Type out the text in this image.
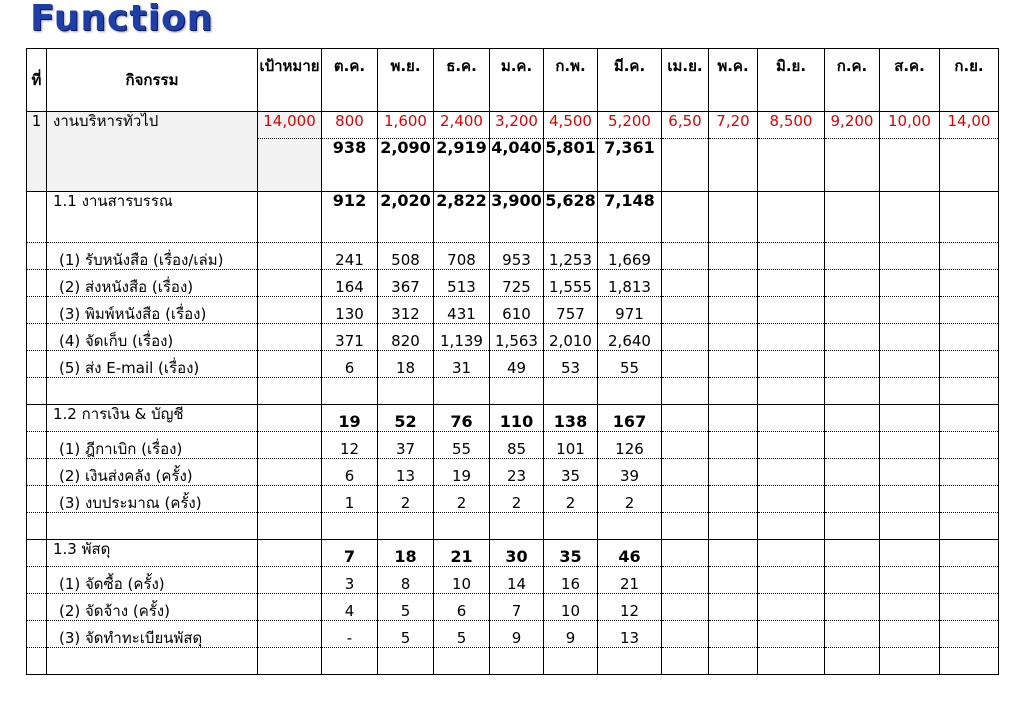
Function
ที่	กิจกรรม	เป้าหมาย	ต.ค.	พ.ย.	ธ.ค.	ม.ค.	ก.พ.	มี.ค.	เม.ย.	พ.ค.	มิ.ย.	ก.ค.	ส.ค.	ก.ย.
1	งานบริหารทั่วไป	14,000	800	1,600	2,400	3,200	4,500	5,200	6,50	7,20	8,500	9,200	10,00	14,00
			938	2,090	2,919	4,040	5,801	7,361						
	1.1 งานสารบรรณ		912	2,020	2,822	3,900	5,628	7,148						
	(1) รับหนังสือ (เรื่อง/เล่ม)		241	508	708	953	1,253	1,669						
	(2) ส่งหนังสือ (เรื่อง)		164	367	513	725	1,555	1,813						
	(3) พิมพ์หนังสือ (เรื่อง)		130	312	431	610	757	971						
	(4) จัดเก็บ (เรื่อง)		371	820	1,139	1,563	2,010	2,640						
	(5) ส่ง E-mail (เรื่อง)		6	18	31	49	53	55						

	1.2 การเงิน & บัญชี		19	52	76	110	138	167						
	(1) ฎีกาเบิก (เรื่อง)		12	37	55	85	101	126						
	(2) เงินส่งคลัง (ครั้ง)		6	13	19	23	35	39						
	(3) งบประมาณ (ครั้ง)		1	2	2	2	2	2						

	1.3 พัสดุ		7	18	21	30	35	46						
	(1) จัดซื้อ (ครั้ง)		3	8	10	14	16	21						
	(2) จัดจ้าง (ครั้ง)		4	5	6	7	10	12						
	(3) จัดทำทะเบียนพัสดุ		-	5	5	9	9	13						
